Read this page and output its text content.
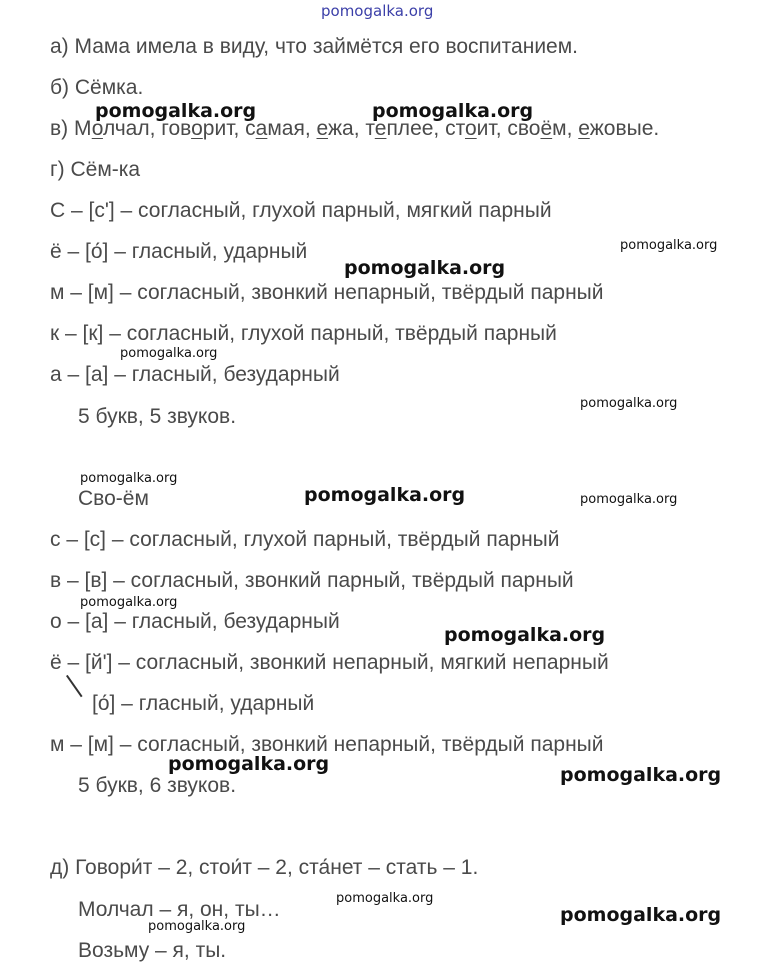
pomogalka.org
pomogalka.org	pomogalka.org
pomogalka.org
pomogalka.org
pomogalka.org
pomogalka.org
pomogalka.org
pomogalka.org	pomogalka.org
pomogalka.org
pomogalka.org
pomogalka.org	pomogalka.org
pomogalka.org
pomogalka.org
pomogalka.org
а) Мама имела в виду, что займётся его воспитанием.
б) Сёмка.
в) Молчал, говорит, самая, ежа, теплее, стоит, своём, ежовые.
г) Сём-ка
С – [с'] – согласный, глухой парный, мягкий парный
ё – [о́] – гласный, ударный
м – [м] – согласный, звонкий непарный, твёрдый парный
к – [к] – согласный, глухой парный, твёрдый парный
а – [а] – гласный, безударный
5 букв, 5 звуков.
Сво-ём
с – [с] – согласный, глухой парный, твёрдый парный
в – [в] – согласный, звонкий парный, твёрдый парный
о – [а] – гласный, безударный
ё – [й'] – согласный, звонкий непарный, мягкий непарный
[о́] – гласный, ударный
м – [м] – согласный, звонкий непарный, твёрдый парный
5 букв, 6 звуков.
д) Говори́т – 2, стои́т – 2, ста́нет – стать – 1.
Молчал – я, он, ты…
Возьму – я, ты.
